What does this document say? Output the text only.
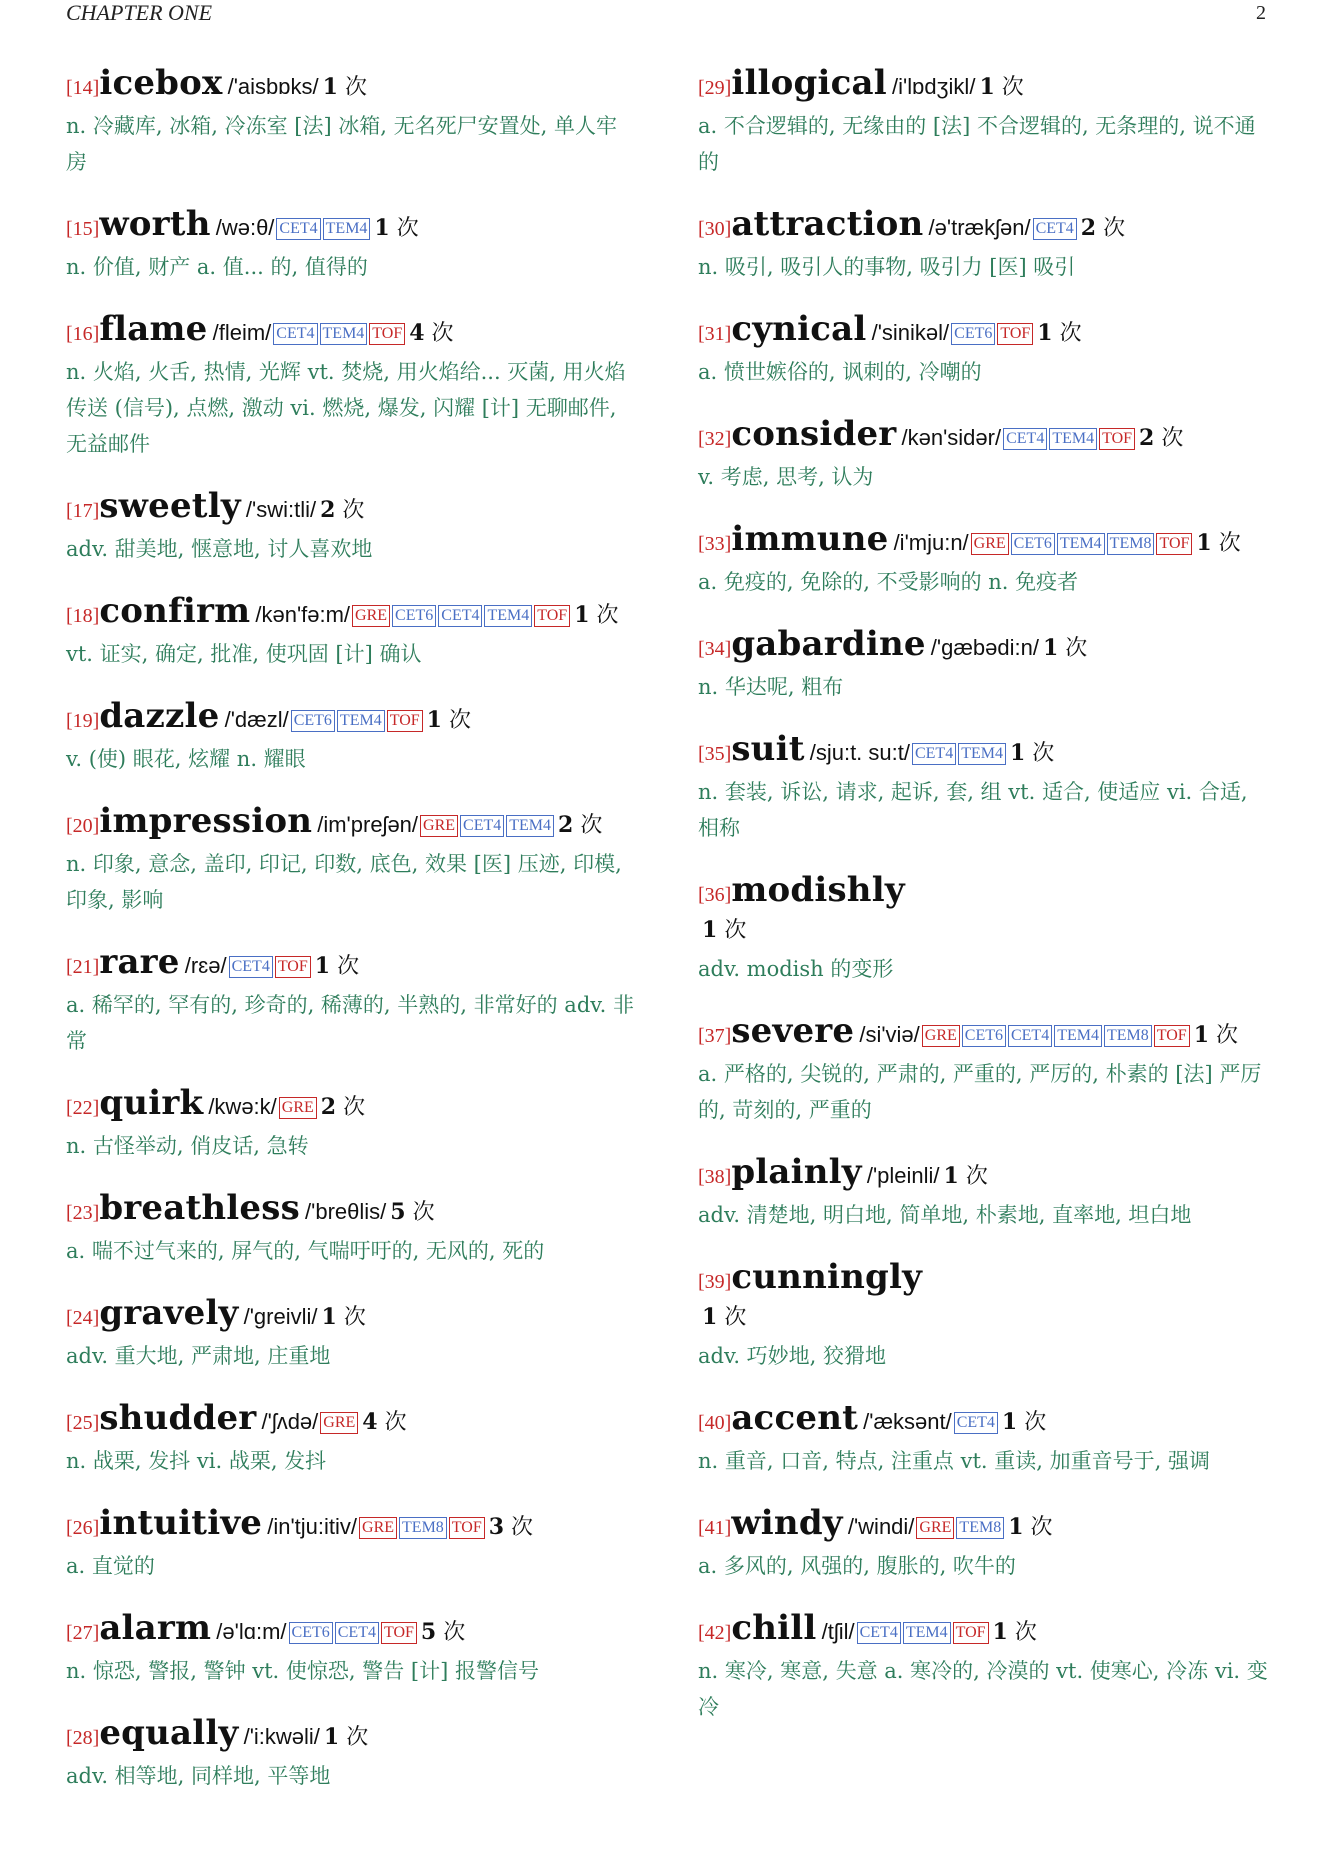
CHAPTER ONE	2
[14]icebox /'aisbɒks/ 1 次
n. 冷藏库, 冰箱, 冷冻室 [法] 冰箱, 无名死尸安置处, 单人牢房
[15]worth /wə:θ/ CET4 TEM4 1 次
n. 价值, 财产 a. 值... 的, 值得的
[16]flame /fleim/ CET4 TEM4 TOF 4 次
n. 火焰, 火舌, 热情, 光辉 vt. 焚烧, 用火焰给... 灭菌, 用火焰传送 (信号), 点燃, 激动 vi. 燃烧, 爆发, 闪耀 [计] 无聊邮件, 无益邮件
[17]sweetly /'swi:tli/ 2 次
adv. 甜美地, 惬意地, 讨人喜欢地
[18]confirm /kən'fə:m/ GRE CET6 CET4 TEM4 TOF 1 次
vt. 证实, 确定, 批准, 使巩固 [计] 确认
[19]dazzle /'dæzl/ CET6 TEM4 TOF 1 次
v. (使) 眼花, 炫耀 n. 耀眼
[20]impression /im'preʃən/ GRE CET4 TEM4 2 次
n. 印象, 意念, 盖印, 印记, 印数, 底色, 效果 [医] 压迹, 印模, 印象, 影响
[21]rare /rɛə/ CET4 TOF 1 次
a. 稀罕的, 罕有的, 珍奇的, 稀薄的, 半熟的, 非常好的 adv. 非常
[22]quirk /kwə:k/ GRE 2 次
n. 古怪举动, 俏皮话, 急转
[23]breathless /'breθlis/ 5 次
a. 喘不过气来的, 屏气的, 气喘吁吁的, 无风的, 死的
[24]gravely /'greivli/ 1 次
adv. 重大地, 严肃地, 庄重地
[25]shudder /'ʃʌdə/ GRE 4 次
n. 战栗, 发抖 vi. 战栗, 发抖
[26]intuitive /in'tju:itiv/ GRE TEM8 TOF 3 次
a. 直觉的
[27]alarm /ə'lɑ:m/ CET6 CET4 TOF 5 次
n. 惊恐, 警报, 警钟 vt. 使惊恐, 警告 [计] 报警信号
[28]equally /'i:kwəli/ 1 次
adv. 相等地, 同样地, 平等地
[29]illogical /i'lɒdʒikl/ 1 次
a. 不合逻辑的, 无缘由的 [法] 不合逻辑的, 无条理的, 说不通的
[30]attraction /ə'trækʃən/ CET4 2 次
n. 吸引, 吸引人的事物, 吸引力 [医] 吸引
[31]cynical /'sinikəl/ CET6 TOF 1 次
a. 愤世嫉俗的, 讽刺的, 冷嘲的
[32]consider /kən'sidər/ CET4 TEM4 TOF 2 次
v. 考虑, 思考, 认为
[33]immune /i'mju:n/ GRE CET6 TEM4 TEM8 TOF 1 次
a. 免疫的, 免除的, 不受影响的 n. 免疫者
[34]gabardine /'gæbədi:n/ 1 次
n. 华达呢, 粗布
[35]suit /sju:t. su:t/ CET4 TEM4 1 次
n. 套装, 诉讼, 请求, 起诉, 套, 组 vt. 适合, 使适应 vi. 合适, 相称
[36]modishly
1 次
adv. modish 的变形
[37]severe /si'viə/ GRE CET6 CET4 TEM4 TEM8 TOF 1 次
a. 严格的, 尖锐的, 严肃的, 严重的, 严厉的, 朴素的 [法] 严厉的, 苛刻的, 严重的
[38]plainly /'pleinli/ 1 次
adv. 清楚地, 明白地, 简单地, 朴素地, 直率地, 坦白地
[39]cunningly
1 次
adv. 巧妙地, 狡猾地
[40]accent /'æksənt/ CET4 1 次
n. 重音, 口音, 特点, 注重点 vt. 重读, 加重音号于, 强调
[41]windy /'windi/ GRE TEM8 1 次
a. 多风的, 风强的, 腹胀的, 吹牛的
[42]chill /tʃil/ CET4 TEM4 TOF 1 次
n. 寒冷, 寒意, 失意 a. 寒冷的, 冷漠的 vt. 使寒心, 冷冻 vi. 变冷
